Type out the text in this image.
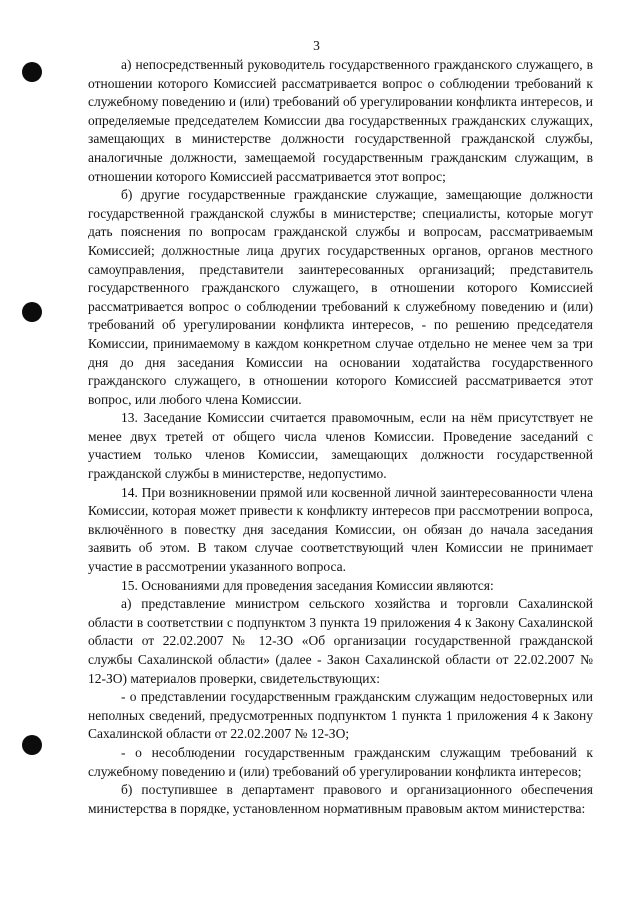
3

а) непосредственный руководитель государственного гражданского служащего, в отношении которого Комиссией рассматривается вопрос о соблюдении требований к служебному поведению и (или) требований об урегулировании конфликта интересов, и определяемые председателем Комиссии два государственных гражданских служащих, замещающих в министерстве должности государственной гражданской службы, аналогичные должности, замещаемой государственным гражданским служащим, в отношении которого Комиссией рассматривается этот вопрос;

б) другие государственные гражданские служащие, замещающие должности государственной гражданской службы в министерстве; специалисты, которые могут дать пояснения по вопросам гражданской службы и вопросам, рассматриваемым Комиссией; должностные лица других государственных органов, органов местного самоуправления, представители заинтересованных организаций; представитель государственного гражданского служащего, в отношении которого Комиссией рассматривается вопрос о соблюдении требований к служебному поведению и (или) требований об урегулировании конфликта интересов, - по решению председателя Комиссии, принимаемому в каждом конкретном случае отдельно не менее чем за три дня до дня заседания Комиссии на основании ходатайства государственного гражданского служащего, в отношении которого Комиссией рассматривается этот вопрос, или любого члена Комиссии.

13. Заседание Комиссии считается правомочным, если на нём присутствует не менее двух третей от общего числа членов Комиссии. Проведение заседаний с участием только членов Комиссии, замещающих должности государственной гражданской службы в министерстве, недопустимо.

14. При возникновении прямой или косвенной личной заинтересованности члена Комиссии, которая может привести к конфликту интересов при рассмотрении вопроса, включённого в повестку дня заседания Комиссии, он обязан до начала заседания заявить об этом. В таком случае соответствующий член Комиссии не принимает участие в рассмотрении указанного вопроса.

15. Основаниями для проведения заседания Комиссии являются:

а) представление министром сельского хозяйства и торговли Сахалинской области в соответствии с подпунктом 3 пункта 19 приложения 4 к Закону Сахалинской области от 22.02.2007 № 12-ЗО «Об организации государственной гражданской службы Сахалинской области» (далее - Закон Сахалинской области от 22.02.2007 № 12-ЗО) материалов проверки, свидетельствующих:

- о представлении государственным гражданским служащим недостоверных или неполных сведений, предусмотренных подпунктом 1 пункта 1 приложения 4 к Закону Сахалинской области от 22.02.2007 № 12-ЗО;

- о несоблюдении государственным гражданским служащим требований к служебному поведению и (или) требований об урегулировании конфликта интересов;

б) поступившее в департамент правового и организационного обеспечения министерства в порядке, установленном нормативным правовым актом министерства:
